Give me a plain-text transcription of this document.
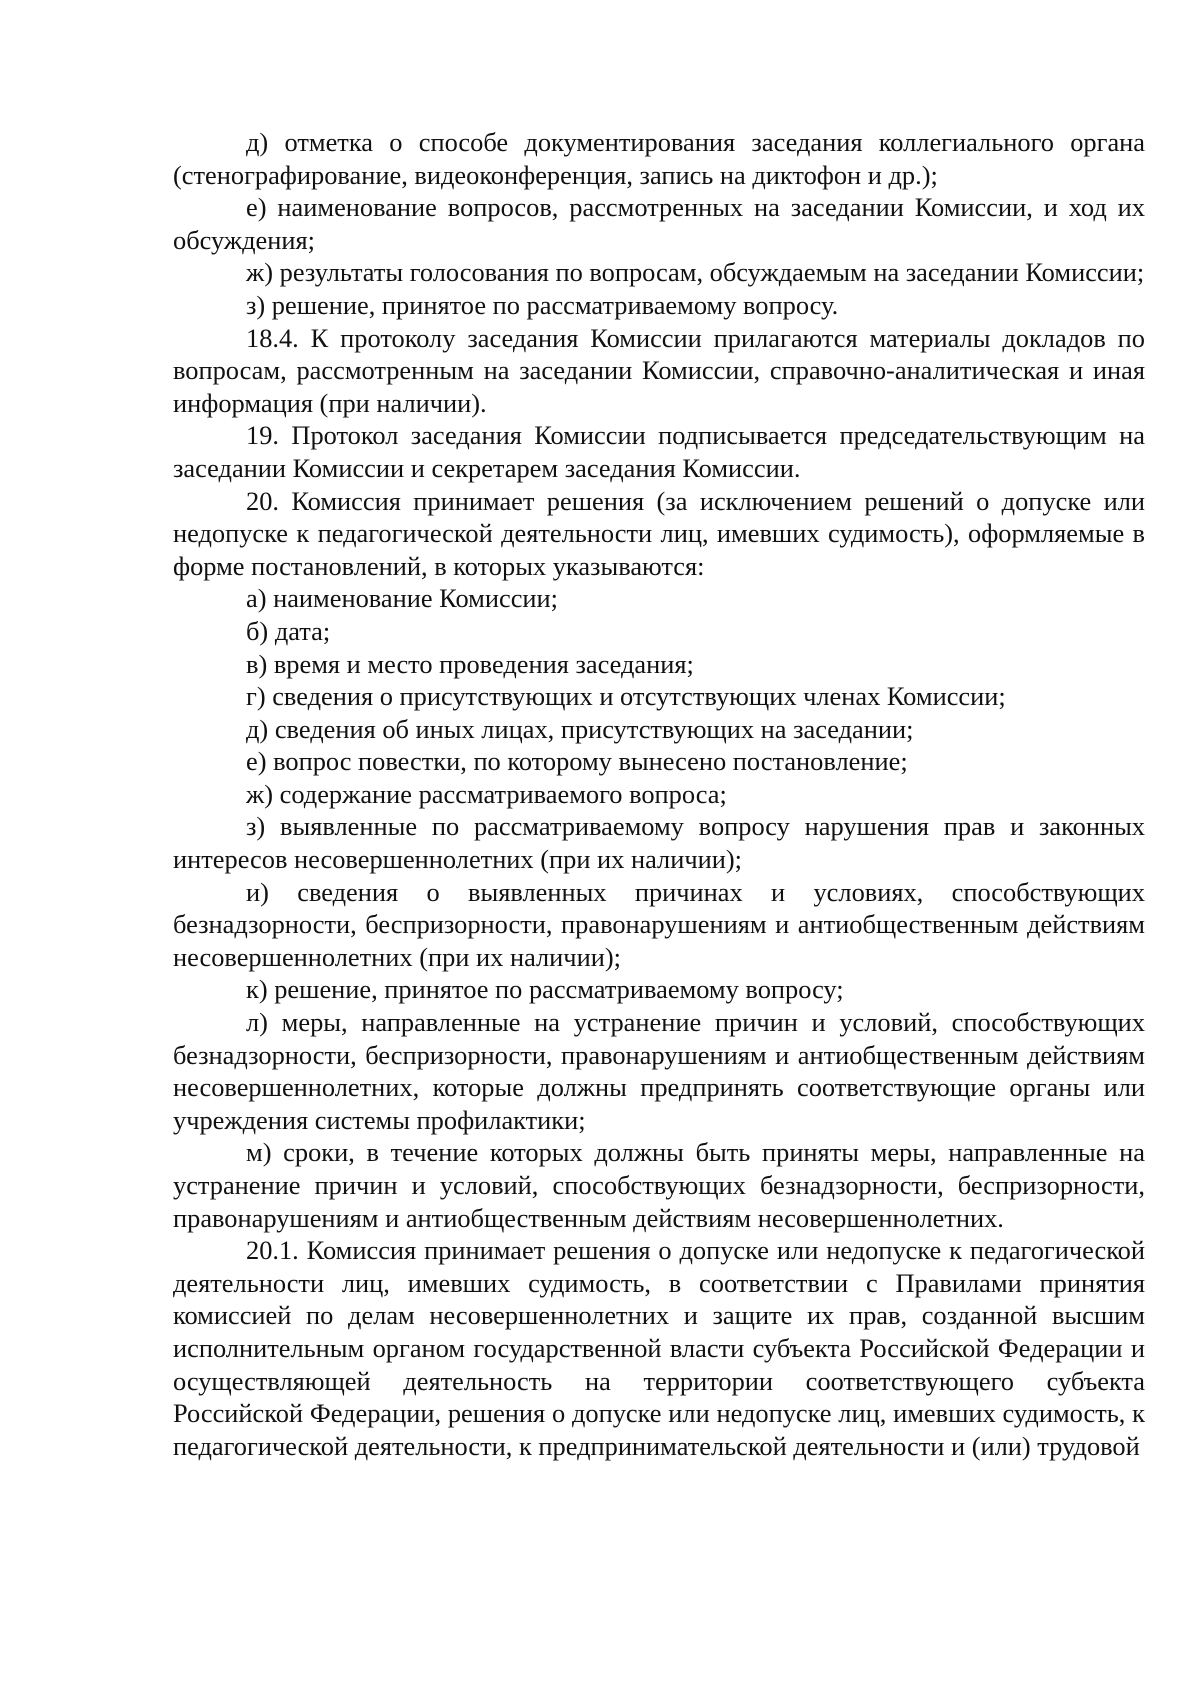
д) отметка о способе документирования заседания коллегиального органа (стенографирование, видеоконференция, запись на диктофон и др.);

е) наименование вопросов, рассмотренных на заседании Комиссии, и ход их обсуждения;

ж) результаты голосования по вопросам, обсуждаемым на заседании Комиссии;

з) решение, принятое по рассматриваемому вопросу.

18.4. К протоколу заседания Комиссии прилагаются материалы докладов по вопросам, рассмотренным на заседании Комиссии, справочно-аналитическая и иная информация (при наличии).

19. Протокол заседания Комиссии подписывается председательствующим на заседании Комиссии и секретарем заседания Комиссии.

20. Комиссия принимает решения (за исключением решений о допуске или недопуске к педагогической деятельности лиц, имевших судимость), оформляемые в форме постановлений, в которых указываются:

а) наименование Комиссии;

б) дата;

в) время и место проведения заседания;

г) сведения о присутствующих и отсутствующих членах Комиссии;

д) сведения об иных лицах, присутствующих на заседании;

е) вопрос повестки, по которому вынесено постановление;

ж) содержание рассматриваемого вопроса;

з) выявленные по рассматриваемому вопросу нарушения прав и законных интересов несовершеннолетних (при их наличии);

и) сведения о выявленных причинах и условиях, способствующих безнадзорности, беспризорности, правонарушениям и антиобщественным действиям несовершеннолетних (при их наличии);

к) решение, принятое по рассматриваемому вопросу;

л) меры, направленные на устранение причин и условий, способствующих безнадзорности, беспризорности, правонарушениям и антиобщественным действиям несовершеннолетних, которые должны предпринять соответствующие органы или учреждения системы профилактики;

м) сроки, в течение которых должны быть приняты меры, направленные на устранение причин и условий, способствующих безнадзорности, беспризорности, правонарушениям и антиобщественным действиям несовершеннолетних.

20.1. Комиссия принимает решения о допуске или недопуске к педагогической деятельности лиц, имевших судимость, в соответствии с Правилами принятия комиссией по делам несовершеннолетних и защите их прав, созданной высшим исполнительным органом государственной власти субъекта Российской Федерации и осуществляющей деятельность на территории соответствующего субъекта Российской Федерации, решения о допуске или недопуске лиц, имевших судимость, к педагогической деятельности, к предпринимательской деятельности и (или) трудовой
